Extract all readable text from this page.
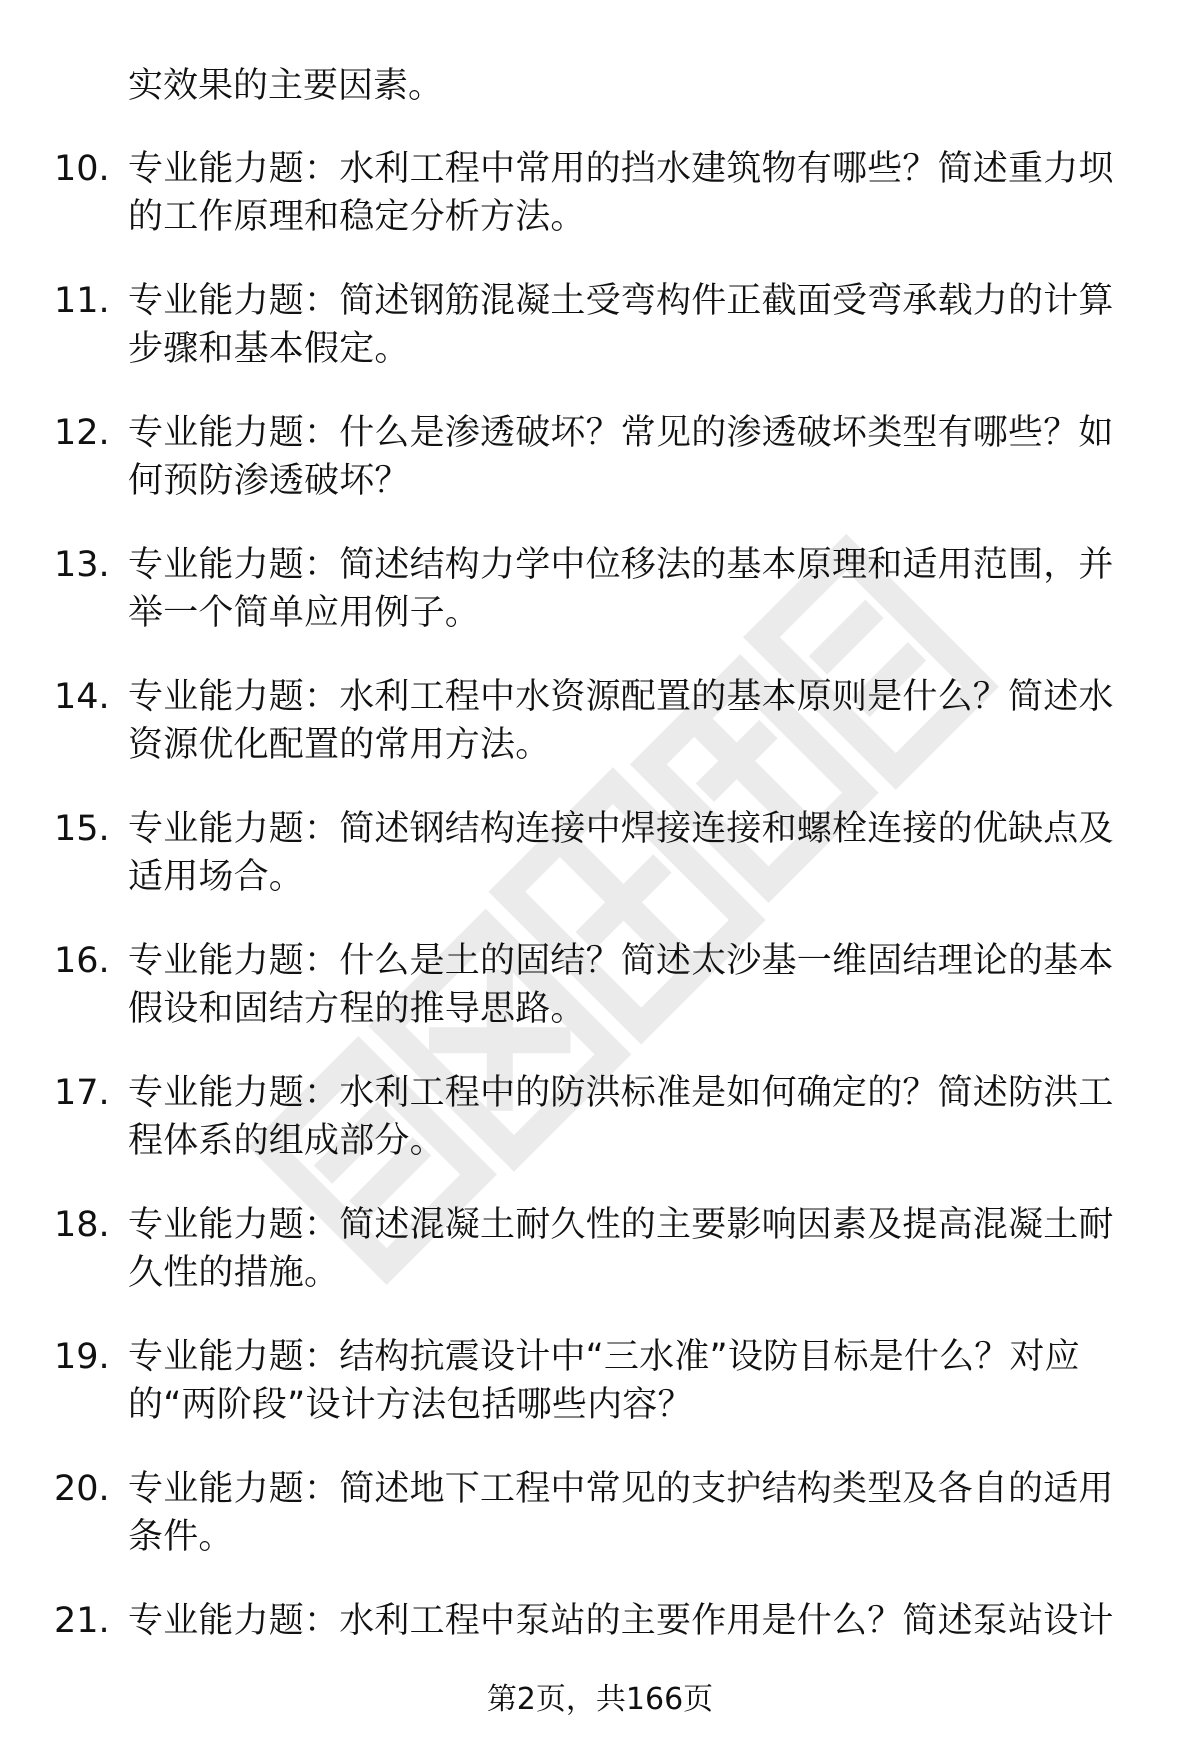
实效果的主要因素。

10. 专业能力题：水利工程中常用的挡水建筑物有哪些？简述重力坝的工作原理和稳定分析方法。
11. 专业能力题：简述钢筋混凝土受弯构件正截面受弯承载力的计算步骤和基本假定。
12. 专业能力题：什么是渗透破坏？常见的渗透破坏类型有哪些？如何预防渗透破坏？
13. 专业能力题：简述结构力学中位移法的基本原理和适用范围，并举一个简单应用例子。
14. 专业能力题：水利工程中水资源配置的基本原则是什么？简述水资源优化配置的常用方法。
15. 专业能力题：简述钢结构连接中焊接连接和螺栓连接的优缺点及适用场合。
16. 专业能力题：什么是土的固结？简述太沙基一维固结理论的基本假设和固结方程的推导思路。
17. 专业能力题：水利工程中的防洪标准是如何确定的？简述防洪工程体系的组成部分。
18. 专业能力题：简述混凝土耐久性的主要影响因素及提高混凝土耐久性的措施。
19. 专业能力题：结构抗震设计中“三水准”设防目标是什么？对应的“两阶段”设计方法包括哪些内容？
20. 专业能力题：简述地下工程中常见的支护结构类型及各自的适用条件。
21. 专业能力题：水利工程中泵站的主要作用是什么？简述泵站设计
第2页，共166页
